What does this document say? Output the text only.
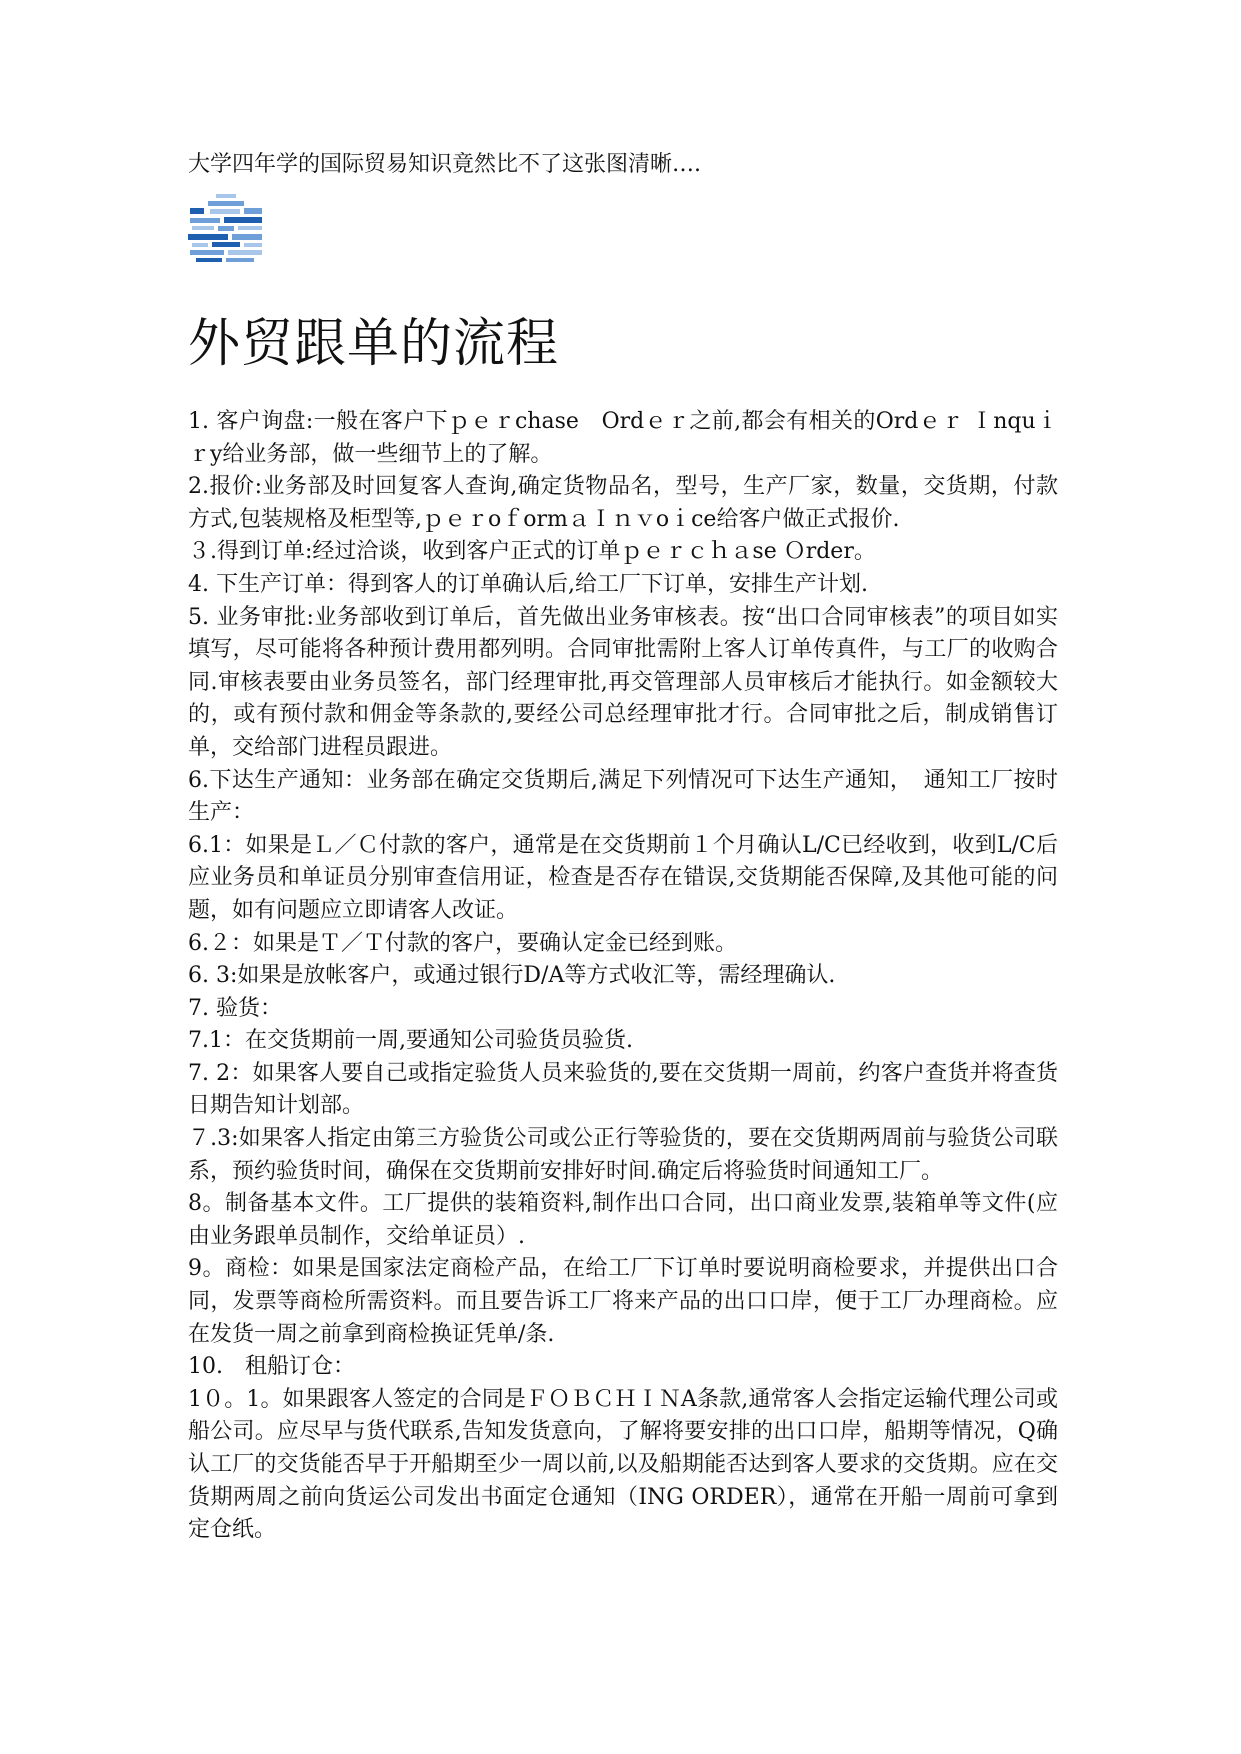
大学四年学的国际贸易知识竟然比不了这张图清晰….
外贸跟单的流程

1. 客户询盘:一般在客户下ｐｅｒchase　Ordｅｒ之前,都会有相关的Ordｅｒ Ｉnquｉｒy给业务部，做一些细节上的了解。

2.报价:业务部及时回复客人查询,确定货物品名，型号，生产厂家，数量，交货期，付款方式,包装规格及柜型等,ｐｅｒoｆormａＩｎｖoｉce给客户做正式报价.

３.得到订单:经过洽谈，收到客户正式的订单ｐｅｒｃｈａse Ｏrder。

4. 下生产订单：得到客人的订单确认后,给工厂下订单，安排生产计划.

5. 业务审批:业务部收到订单后，首先做出业务审核表。按“出口合同审核表”的项目如实填写，尽可能将各种预计费用都列明。合同审批需附上客人订单传真件，与工厂的收购合同.审核表要由业务员签名，部门经理审批,再交管理部人员审核后才能执行。如金额较大的，或有预付款和佣金等条款的,要经公司总经理审批才行。合同审批之后，制成销售订单，交给部门进程员跟进。

6.下达生产通知：业务部在确定交货期后,满足下列情况可下达生产通知，　通知工厂按时生产：

6.1：如果是Ｌ／Ｃ付款的客户，通常是在交货期前１个月确认L/C已经收到，收到L/C后应业务员和单证员分别审查信用证，检查是否存在错误,交货期能否保障,及其他可能的问题，如有问题应立即请客人改证。

6.２：如果是Ｔ／Ｔ付款的客户，要确认定金已经到账。

6. 3:如果是放帐客户，或通过银行D/A等方式收汇等，需经理确认.

7. 验货：

7.1：在交货期前一周,要通知公司验货员验货.

7. 2：如果客人要自己或指定验货人员来验货的,要在交货期一周前，约客户查货并将查货日期告知计划部。

７.3:如果客人指定由第三方验货公司或公正行等验货的，要在交货期两周前与验货公司联系，预约验货时间，确保在交货期前安排好时间.确定后将验货时间通知工厂。

8。制备基本文件。工厂提供的装箱资料,制作出口合同，出口商业发票,装箱单等文件(应由业务跟单员制作，交给单证员）.

9。商检：如果是国家法定商检产品，在给工厂下订单时要说明商检要求，并提供出口合同，发票等商检所需资料。而且要告诉工厂将来产品的出口口岸，便于工厂办理商检。应在发货一周之前拿到商检换证凭单/条.

10.　租船订仓：

1０。1。如果跟客人签定的合同是ＦＯＢＣＨＩＮA条款,通常客人会指定运输代理公司或船公司。应尽早与货代联系,告知发货意向，了解将要安排的出口口岸，船期等情况，Q确认工厂的交货能否早于开船期至少一周以前,以及船期能否达到客人要求的交货期。应在交货期两周之前向货运公司发出书面定仓通知（ING ORDER），通常在开船一周前可拿到定仓纸。
